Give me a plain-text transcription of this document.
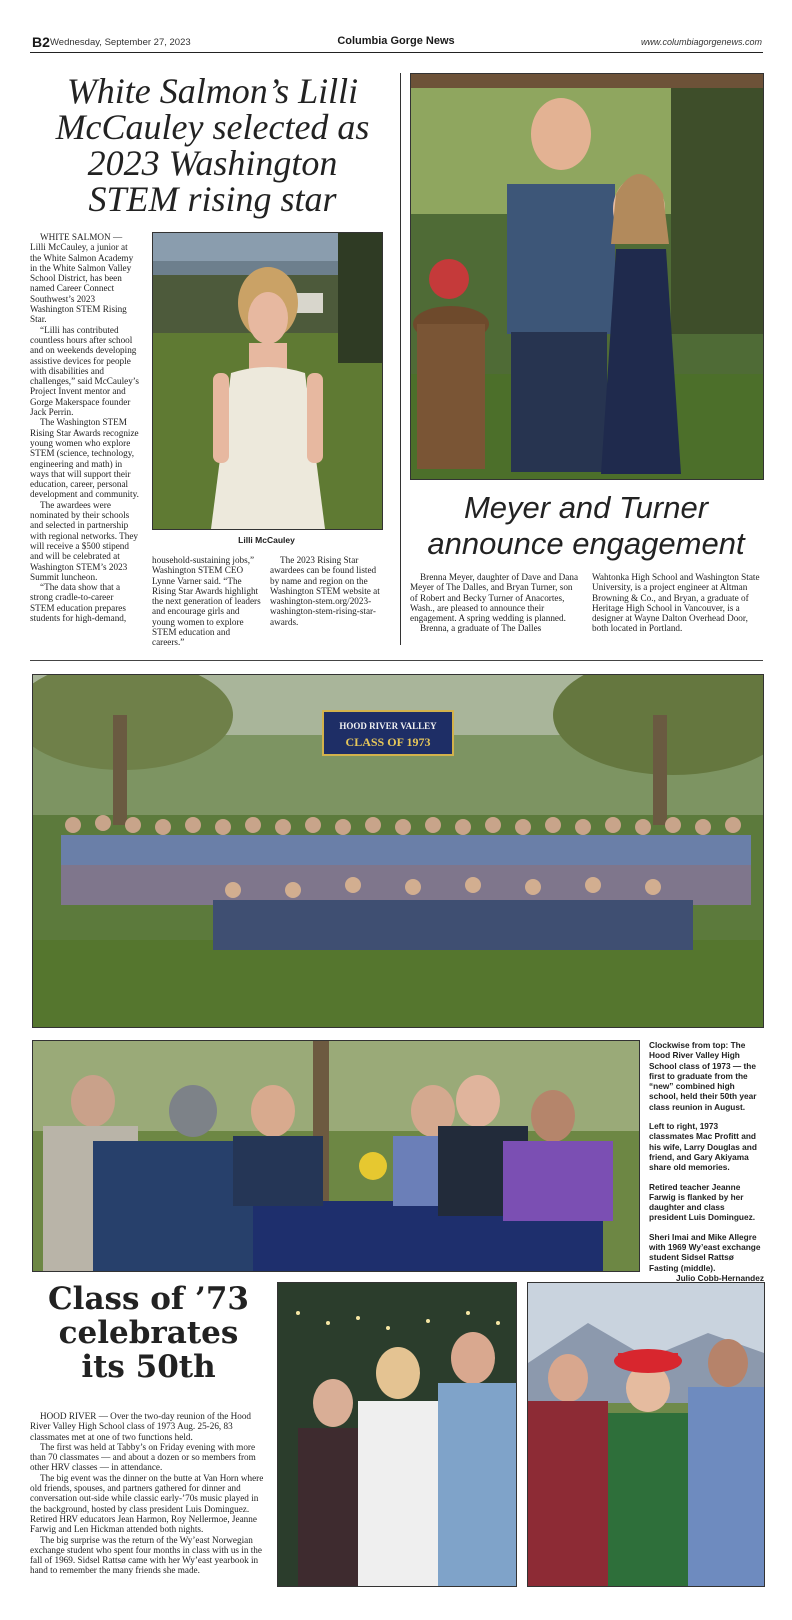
B2 Wednesday, September 27, 2023	Columbia Gorge News	www.columbiagorgenews.com
White Salmon’s Lilli McCauley selected as 2023 Washington STEM rising star

WHITE SALMON — Lilli McCauley, a junior at the White Salmon Academy in the White Salmon Valley School District, has been named Career Connect Southwest’s 2023 Washington STEM Rising Star.

“Lilli has contributed countless hours after school and on weekends developing assistive devices for people with disabilities and challenges,” said McCauley’s Project Invent mentor and Gorge Makerspace founder Jack Perrin.

The Washington STEM Rising Star Awards recognize young women who explore STEM (science, technology, engineering and math) in ways that will support their education, career, personal development and community.

The awardees were nominated by their schools and selected in partnership with regional networks. They will receive a $500 stipend and will be celebrated at Washington STEM’s 2023 Summit luncheon.

“The data show that a strong cradle-to-career STEM education prepares students for high-demand,

Lilli McCauley

household-sustaining jobs,” Washington STEM CEO Lynne Varner said. “The Rising Star Awards highlight the next generation of leaders and encourage girls and young women to explore STEM education and careers.”

The 2023 Rising Star awardees can be found listed by name and region on the Washington STEM website at washington-stem.org/2023-washington-stem-rising-star-awards.

Meyer and Turner announce engagement

Brenna Meyer, daughter of Dave and Dana Meyer of The Dalles, and Bryan Turner, son of Robert and Becky Turner of Anacortes, Wash., are pleased to announce their engagement. A spring wedding is planned.

Brenna, a graduate of The Dalles

Wahtonka High School and Washington State University, is a project engineer at Altman Browning & Co., and Bryan, a graduate of Heritage High School in Vancouver, is a designer at Wayne Dalton Overhead Door, both located in Portland.

HOOD RIVER VALLEY
CLASS OF 1973

Clockwise from top: The Hood River Valley High School class of 1973 — the first to graduate from the “new” combined high school, held their 50th year class reunion in August.

Left to right, 1973 classmates Mac Profitt and his wife, Larry Douglas and friend, and Gary Akiyama share old memories.

Retired teacher Jeanne Farwig is flanked by her daughter and class president Luis Dominguez.

Sheri Imai and Mike Allegre with 1969 Wy’east exchange student Sidsel Rattsø Fasting (middle).

Julio Cobb-Hernandez
Class of ’73 celebrates its 50th

HOOD RIVER — Over the two-day reunion of the Hood River Valley High School class of 1973 Aug. 25-26, 83 classmates met at one of two functions held.

The first was held at Tabby’s on Friday evening with more than 70 classmates — and about a dozen or so members from other HRV classes — in attendance.

The big event was the dinner on the butte at Van Horn where old friends, spouses, and partners gathered for dinner and conversation out-side while classic early-’70s music played in the background, hosted by class president Luis Dominguez. Retired HRV educators Jean Harmon, Roy Nellermoe, Jeanne Farwig and Len Hickman attended both nights.

The big surprise was the return of the Wy’east Norwegian exchange student who spent four months in class with us in the fall of 1969. Sidsel Rattsø came with her Wy’east yearbook in hand to remember the many friends she made.
